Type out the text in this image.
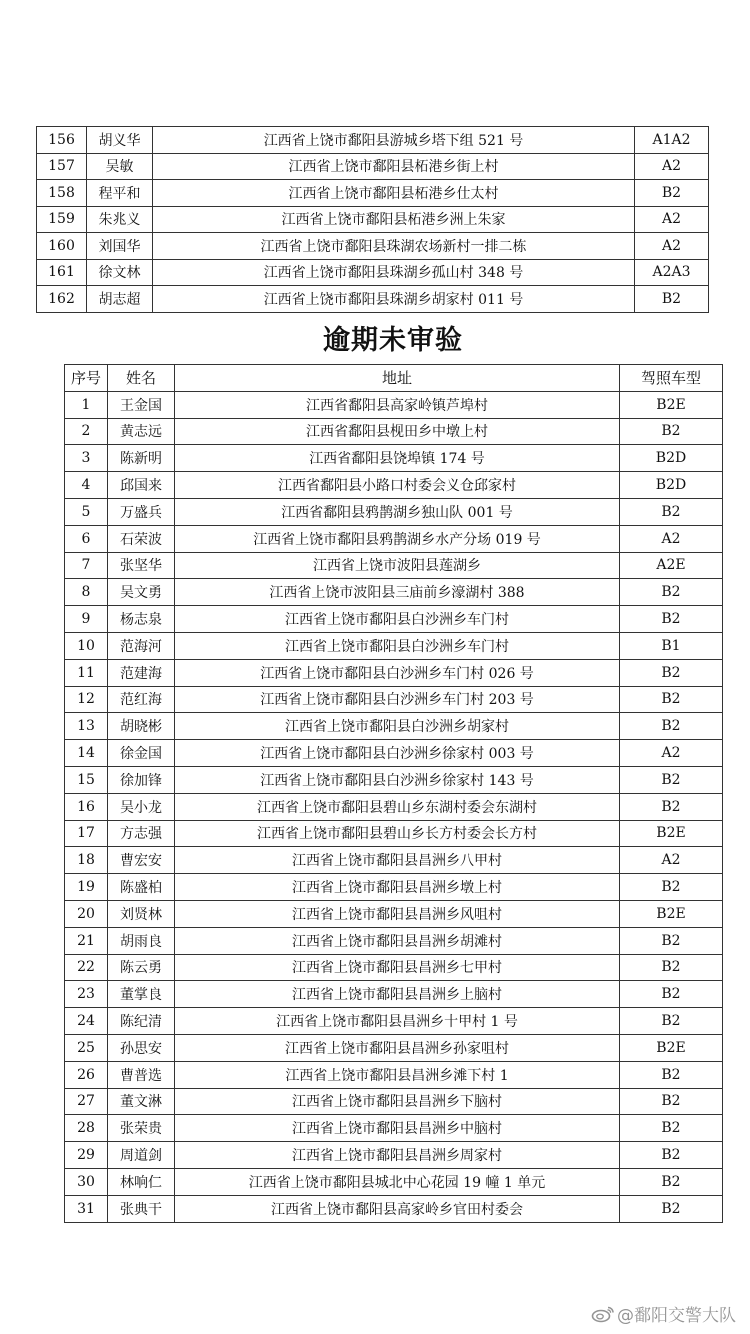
156	胡义华	江西省上饶市鄱阳县游城乡塔下组 521 号	A1A2
157	吴敏	江西省上饶市鄱阳县柘港乡街上村	A2
158	程平和	江西省上饶市鄱阳县柘港乡仕太村	B2
159	朱兆义	江西省上饶市鄱阳县柘港乡洲上朱家	A2
160	刘国华	江西省上饶市鄱阳县珠湖农场新村一排二栋	A2
161	徐文林	江西省上饶市鄱阳县珠湖乡孤山村 348 号	A2A3
162	胡志超	江西省上饶市鄱阳县珠湖乡胡家村 011 号	B2
逾期未审验
序号	姓名	地址	驾照车型
1	王金国	江西省鄱阳县高家岭镇芦埠村	B2E
2	黄志远	江西省鄱阳县枧田乡中墩上村	B2
3	陈新明	江西省鄱阳县饶埠镇 174 号	B2D
4	邱国来	江西省鄱阳县小路口村委会义仓邱家村	B2D
5	万盛兵	江西省鄱阳县鸦鹊湖乡独山队 001 号	B2
6	石荣波	江西省上饶市鄱阳县鸦鹊湖乡水产分场 019 号	A2
7	张坚华	江西省上饶市波阳县莲湖乡	A2E
8	吴文勇	江西省上饶市波阳县三庙前乡濠湖村 388	B2
9	杨志泉	江西省上饶市鄱阳县白沙洲乡车门村	B2
10	范海河	江西省上饶市鄱阳县白沙洲乡车门村	B1
11	范建海	江西省上饶市鄱阳县白沙洲乡车门村 026 号	B2
12	范红海	江西省上饶市鄱阳县白沙洲乡车门村 203 号	B2
13	胡晓彬	江西省上饶市鄱阳县白沙洲乡胡家村	B2
14	徐金国	江西省上饶市鄱阳县白沙洲乡徐家村 003 号	A2
15	徐加锋	江西省上饶市鄱阳县白沙洲乡徐家村 143 号	B2
16	吴小龙	江西省上饶市鄱阳县碧山乡东湖村委会东湖村	B2
17	方志强	江西省上饶市鄱阳县碧山乡长方村委会长方村	B2E
18	曹宏安	江西省上饶市鄱阳县昌洲乡八甲村	A2
19	陈盛柏	江西省上饶市鄱阳县昌洲乡墩上村	B2
20	刘贤林	江西省上饶市鄱阳县昌洲乡风咀村	B2E
21	胡雨良	江西省上饶市鄱阳县昌洲乡胡滩村	B2
22	陈云勇	江西省上饶市鄱阳县昌洲乡七甲村	B2
23	董掌良	江西省上饶市鄱阳县昌洲乡上脑村	B2
24	陈纪清	江西省上饶市鄱阳县昌洲乡十甲村 1 号	B2
25	孙思安	江西省上饶市鄱阳县昌洲乡孙家咀村	B2E
26	曹普选	江西省上饶市鄱阳县昌洲乡滩下村 1	B2
27	董文淋	江西省上饶市鄱阳县昌洲乡下脑村	B2
28	张荣贵	江西省上饶市鄱阳县昌洲乡中脑村	B2
29	周道剑	江西省上饶市鄱阳县昌洲乡周家村	B2
30	林响仁	江西省上饶市鄱阳县城北中心花园 19 幢 1 单元	B2
31	张典干	江西省上饶市鄱阳县高家岭乡官田村委会	B2
@鄱阳交警大队
